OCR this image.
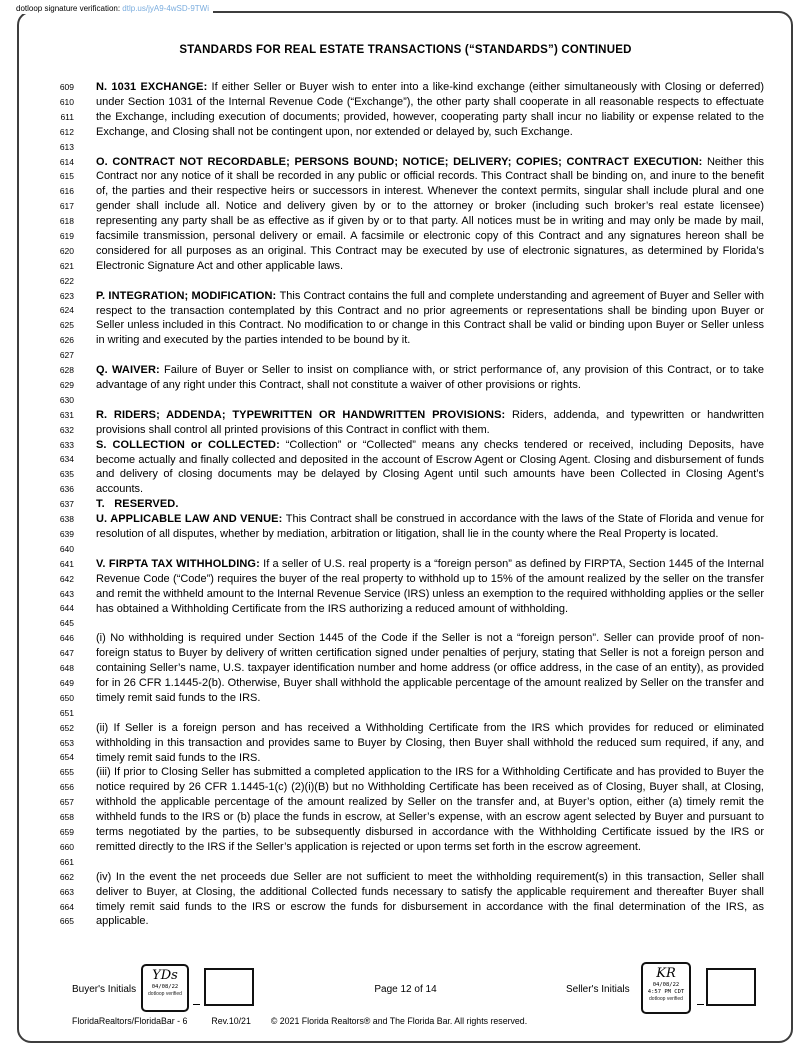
dotloop signature verification: dtlp.us/jyA9-4wSD-9TWi
STANDARDS FOR REAL ESTATE TRANSACTIONS (“STANDARDS”) CONTINUED
609
610
611
612
613
N. 1031 EXCHANGE: If either Seller or Buyer wish to enter into a like-kind exchange (either simultaneously with Closing or deferred) under Section 1031 of the Internal Revenue Code (“Exchange”), the other party shall cooperate in all reasonable respects to effectuate the Exchange, including execution of documents; provided, however, cooperating party shall incur no liability or expense related to the Exchange, and Closing shall not be contingent upon, nor extended or delayed by, such Exchange.
614
615
616
617
618
619
620
621
622
O. CONTRACT NOT RECORDABLE; PERSONS BOUND; NOTICE; DELIVERY; COPIES; CONTRACT EXECUTION: Neither this Contract nor any notice of it shall be recorded in any public or official records. This Contract shall be binding on, and inure to the benefit of, the parties and their respective heirs or successors in interest. Whenever the context permits, singular shall include plural and one gender shall include all. Notice and delivery given by or to the attorney or broker (including such broker’s real estate licensee) representing any party shall be as effective as if given by or to that party. All notices must be in writing and may only be made by mail, facsimile transmission, personal delivery or email. A facsimile or electronic copy of this Contract and any signatures hereon shall be considered for all purposes as an original. This Contract may be executed by use of electronic signatures, as determined by Florida’s Electronic Signature Act and other applicable laws.
623
624
625
626
627
P. INTEGRATION; MODIFICATION: This Contract contains the full and complete understanding and agreement of Buyer and Seller with respect to the transaction contemplated by this Contract and no prior agreements or representations shall be binding upon Buyer or Seller unless included in this Contract. No modification to or change in this Contract shall be valid or binding upon Buyer or Seller unless in writing and executed by the parties intended to be bound by it.
628
629
630
Q. WAIVER: Failure of Buyer or Seller to insist on compliance with, or strict performance of, any provision of this Contract, or to take advantage of any right under this Contract, shall not constitute a waiver of other provisions or rights.
631
632
R. RIDERS; ADDENDA; TYPEWRITTEN OR HANDWRITTEN PROVISIONS: Riders, addenda, and typewritten or handwritten provisions shall control all printed provisions of this Contract in conflict with them.
633
634
635
636
S. COLLECTION or COLLECTED: “Collection” or “Collected” means any checks tendered or received, including Deposits, have become actually and finally collected and deposited in the account of Escrow Agent or Closing Agent. Closing and disbursement of funds and delivery of closing documents may be delayed by Closing Agent until such amounts have been Collected in Closing Agent’s accounts.
637 T.   RESERVED.
638
639
640
U. APPLICABLE LAW AND VENUE: This Contract shall be construed in accordance with the laws of the State of Florida and venue for resolution of all disputes, whether by mediation, arbitration or litigation, shall lie in the county where the Real Property is located.
641
642
643
644
645
V. FIRPTA TAX WITHHOLDING: If a seller of U.S. real property is a “foreign person” as defined by FIRPTA, Section 1445 of the Internal Revenue Code (“Code”) requires the buyer of the real property to withhold up to 15% of the amount realized by the seller on the transfer and remit the withheld amount to the Internal Revenue Service (IRS) unless an exemption to the required withholding applies or the seller has obtained a Withholding Certificate from the IRS authorizing a reduced amount of withholding.
646
647
648
649
650
651
(i) No withholding is required under Section 1445 of the Code if the Seller is not a “foreign person”. Seller can provide proof of non-foreign status to Buyer by delivery of written certification signed under penalties of perjury, stating that Seller is not a foreign person and containing Seller’s name, U.S. taxpayer identification number and home address (or office address, in the case of an entity), as provided for in 26 CFR 1.1445-2(b). Otherwise, Buyer shall withhold the applicable percentage of the amount realized by Seller on the transfer and timely remit said funds to the IRS.
652
653
654
(ii) If Seller is a foreign person and has received a Withholding Certificate from the IRS which provides for reduced or eliminated withholding in this transaction and provides same to Buyer by Closing, then Buyer shall withhold the reduced sum required, if any, and timely remit said funds to the IRS.
655
656
657
658
659
660
661
(iii) If prior to Closing Seller has submitted a completed application to the IRS for a Withholding Certificate and has provided to Buyer the notice required by 26 CFR 1.1445-1(c) (2)(i)(B) but no Withholding Certificate has been received as of Closing, Buyer shall, at Closing, withhold the applicable percentage of the amount realized by Seller on the transfer and, at Buyer’s option, either (a) timely remit the withheld funds to the IRS or (b) place the funds in escrow, at Seller’s expense, with an escrow agent selected by Buyer and pursuant to terms negotiated by the parties, to be subsequently disbursed in accordance with the Withholding Certificate issued by the IRS or remitted directly to the IRS if the Seller’s application is rejected or upon terms set forth in the escrow agreement.
662
663
664
665
(iv) In the event the net proceeds due Seller are not sufficient to meet the withholding requirement(s) in this transaction, Seller shall deliver to Buyer, at Closing, the additional Collected funds necessary to satisfy the applicable requirement and thereafter Buyer shall timely remit said funds to the IRS or escrow the funds for disbursement in accordance with the final determination of the IRS, as applicable.
Buyer's Initials
YDs
04/08/22
dotloop verified	Page 12 of 14	Seller's Initials
KR
04/08/22
4:57 PM CDT
dotloop verified
FloridaRealtors/FloridaBar - 6	Rev.10/21 © 2021 Florida Realtors® and The Florida Bar. All rights reserved.
